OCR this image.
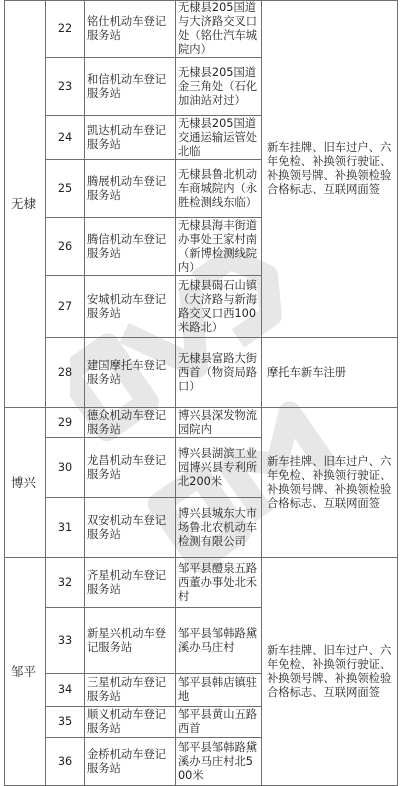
无棣	22	铭仕机动车登记服务站	无棣县205国道与大济路交叉口处（铭仕汽车城院内）	新车挂牌、旧车过户、六年免检、补换领行驶证、补换领号牌、补换领检验合格标志、互联网面签
	23	和信机动车登记服务站	无棣县205国道金三角处（石化加油站对过）	
	24	凯达机动车登记服务站	无棣县205国道交通运输运管处北临	
	25	腾展机动车登记服务站	无棣县鲁北机动车商城院内（永胜检测线东临）	
	26	腾信机动车登记服务站	无棣县海丰街道办事处王家村南（新博检测线院内）	
	27	安城机动车登记服务站	无棣县碣石山镇（大济路与新海路交叉口西100米路北）	
	28	建国摩托车登记服务站	无棣县富路大街西首（物资局路口）	摩托车新车注册
博兴	29	德众机动车登记服务站	博兴县深发物流园院内	新车挂牌、旧车过户、六年免检、补换领行驶证、补换领号牌、补换领检验合格标志、互联网面签
	30	龙昌机动车登记服务站	博兴县湖滨工业园博兴县专利所北200米	
	31	双安机动车登记服务站	博兴县城东大市场鲁北农机动车检测有限公司	
邹平	32	齐星机动车登记服务站	邹平县醴泉五路西董办事处北禾村	新车挂牌、旧车过户、六年免检、补换领行驶证、补换领号牌、补换领检验合格标志、互联网面签
	33	新星兴机动车登记服务站	邹平县邹韩路黛溪办马庄村	
	34	三星机动车登记服务站	邹平县韩店镇驻地	
	35	顺义机动车登记服务站	邹平县黄山五路西首	
	36	金桥机动车登记服务站	邹平县邹韩路黛溪办马庄村北500米	
